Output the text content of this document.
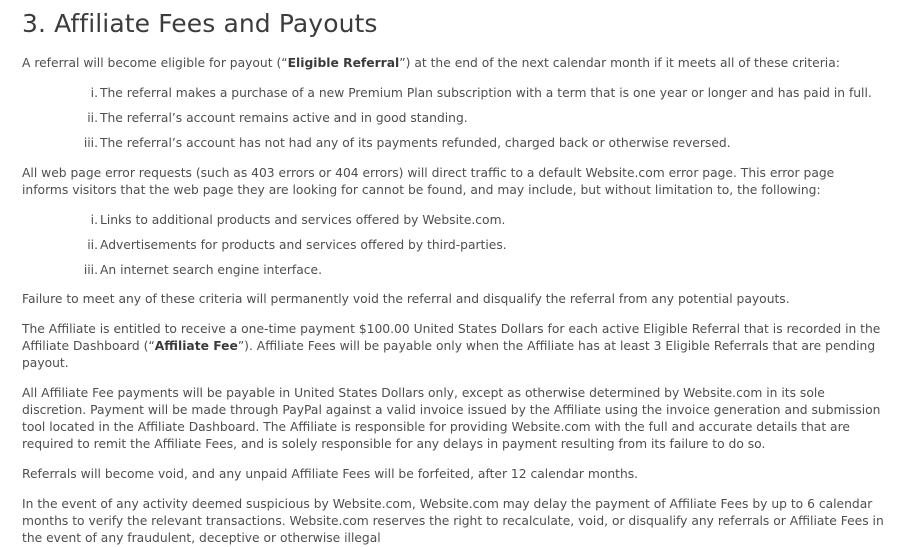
3. Affiliate Fees and Payouts

A referral will become eligible for payout (“Eligible Referral”) at the end of the next calendar month if it meets all of these criteria:

i. The referral makes a purchase of a new Premium Plan subscription with a term that is one year or longer and has paid in full.
ii. The referral’s account remains active and in good standing.
iii. The referral’s account has not had any of its payments refunded, charged back or otherwise reversed.

All web page error requests (such as 403 errors or 404 errors) will direct traffic to a default Website.com error page. This error page informs visitors that the web page they are looking for cannot be found, and may include, but without limitation to, the following:

i. Links to additional products and services offered by Website.com.
ii. Advertisements for products and services offered by third-parties.
iii. An internet search engine interface.

Failure to meet any of these criteria will permanently void the referral and disqualify the referral from any potential payouts.

The Affiliate is entitled to receive a one-time payment $100.00 United States Dollars for each active Eligible Referral that is recorded in the Affiliate Dashboard (“Affiliate Fee”). Affiliate Fees will be payable only when the Affiliate has at least 3 Eligible Referrals that are pending payout.

All Affiliate Fee payments will be payable in United States Dollars only, except as otherwise determined by Website.com in its sole discretion. Payment will be made through PayPal against a valid invoice issued by the Affiliate using the invoice generation and submission tool located in the Affiliate Dashboard. The Affiliate is responsible for providing Website.com with the full and accurate details that are required to remit the Affiliate Fees, and is solely responsible for any delays in payment resulting from its failure to do so.

Referrals will become void, and any unpaid Affiliate Fees will be forfeited, after 12 calendar months.

In the event of any activity deemed suspicious by Website.com, Website.com may delay the payment of Affiliate Fees by up to 6 calendar months to verify the relevant transactions. Website.com reserves the right to recalculate, void, or disqualify any referrals or Affiliate Fees in the event of any fraudulent, deceptive or otherwise illegal
